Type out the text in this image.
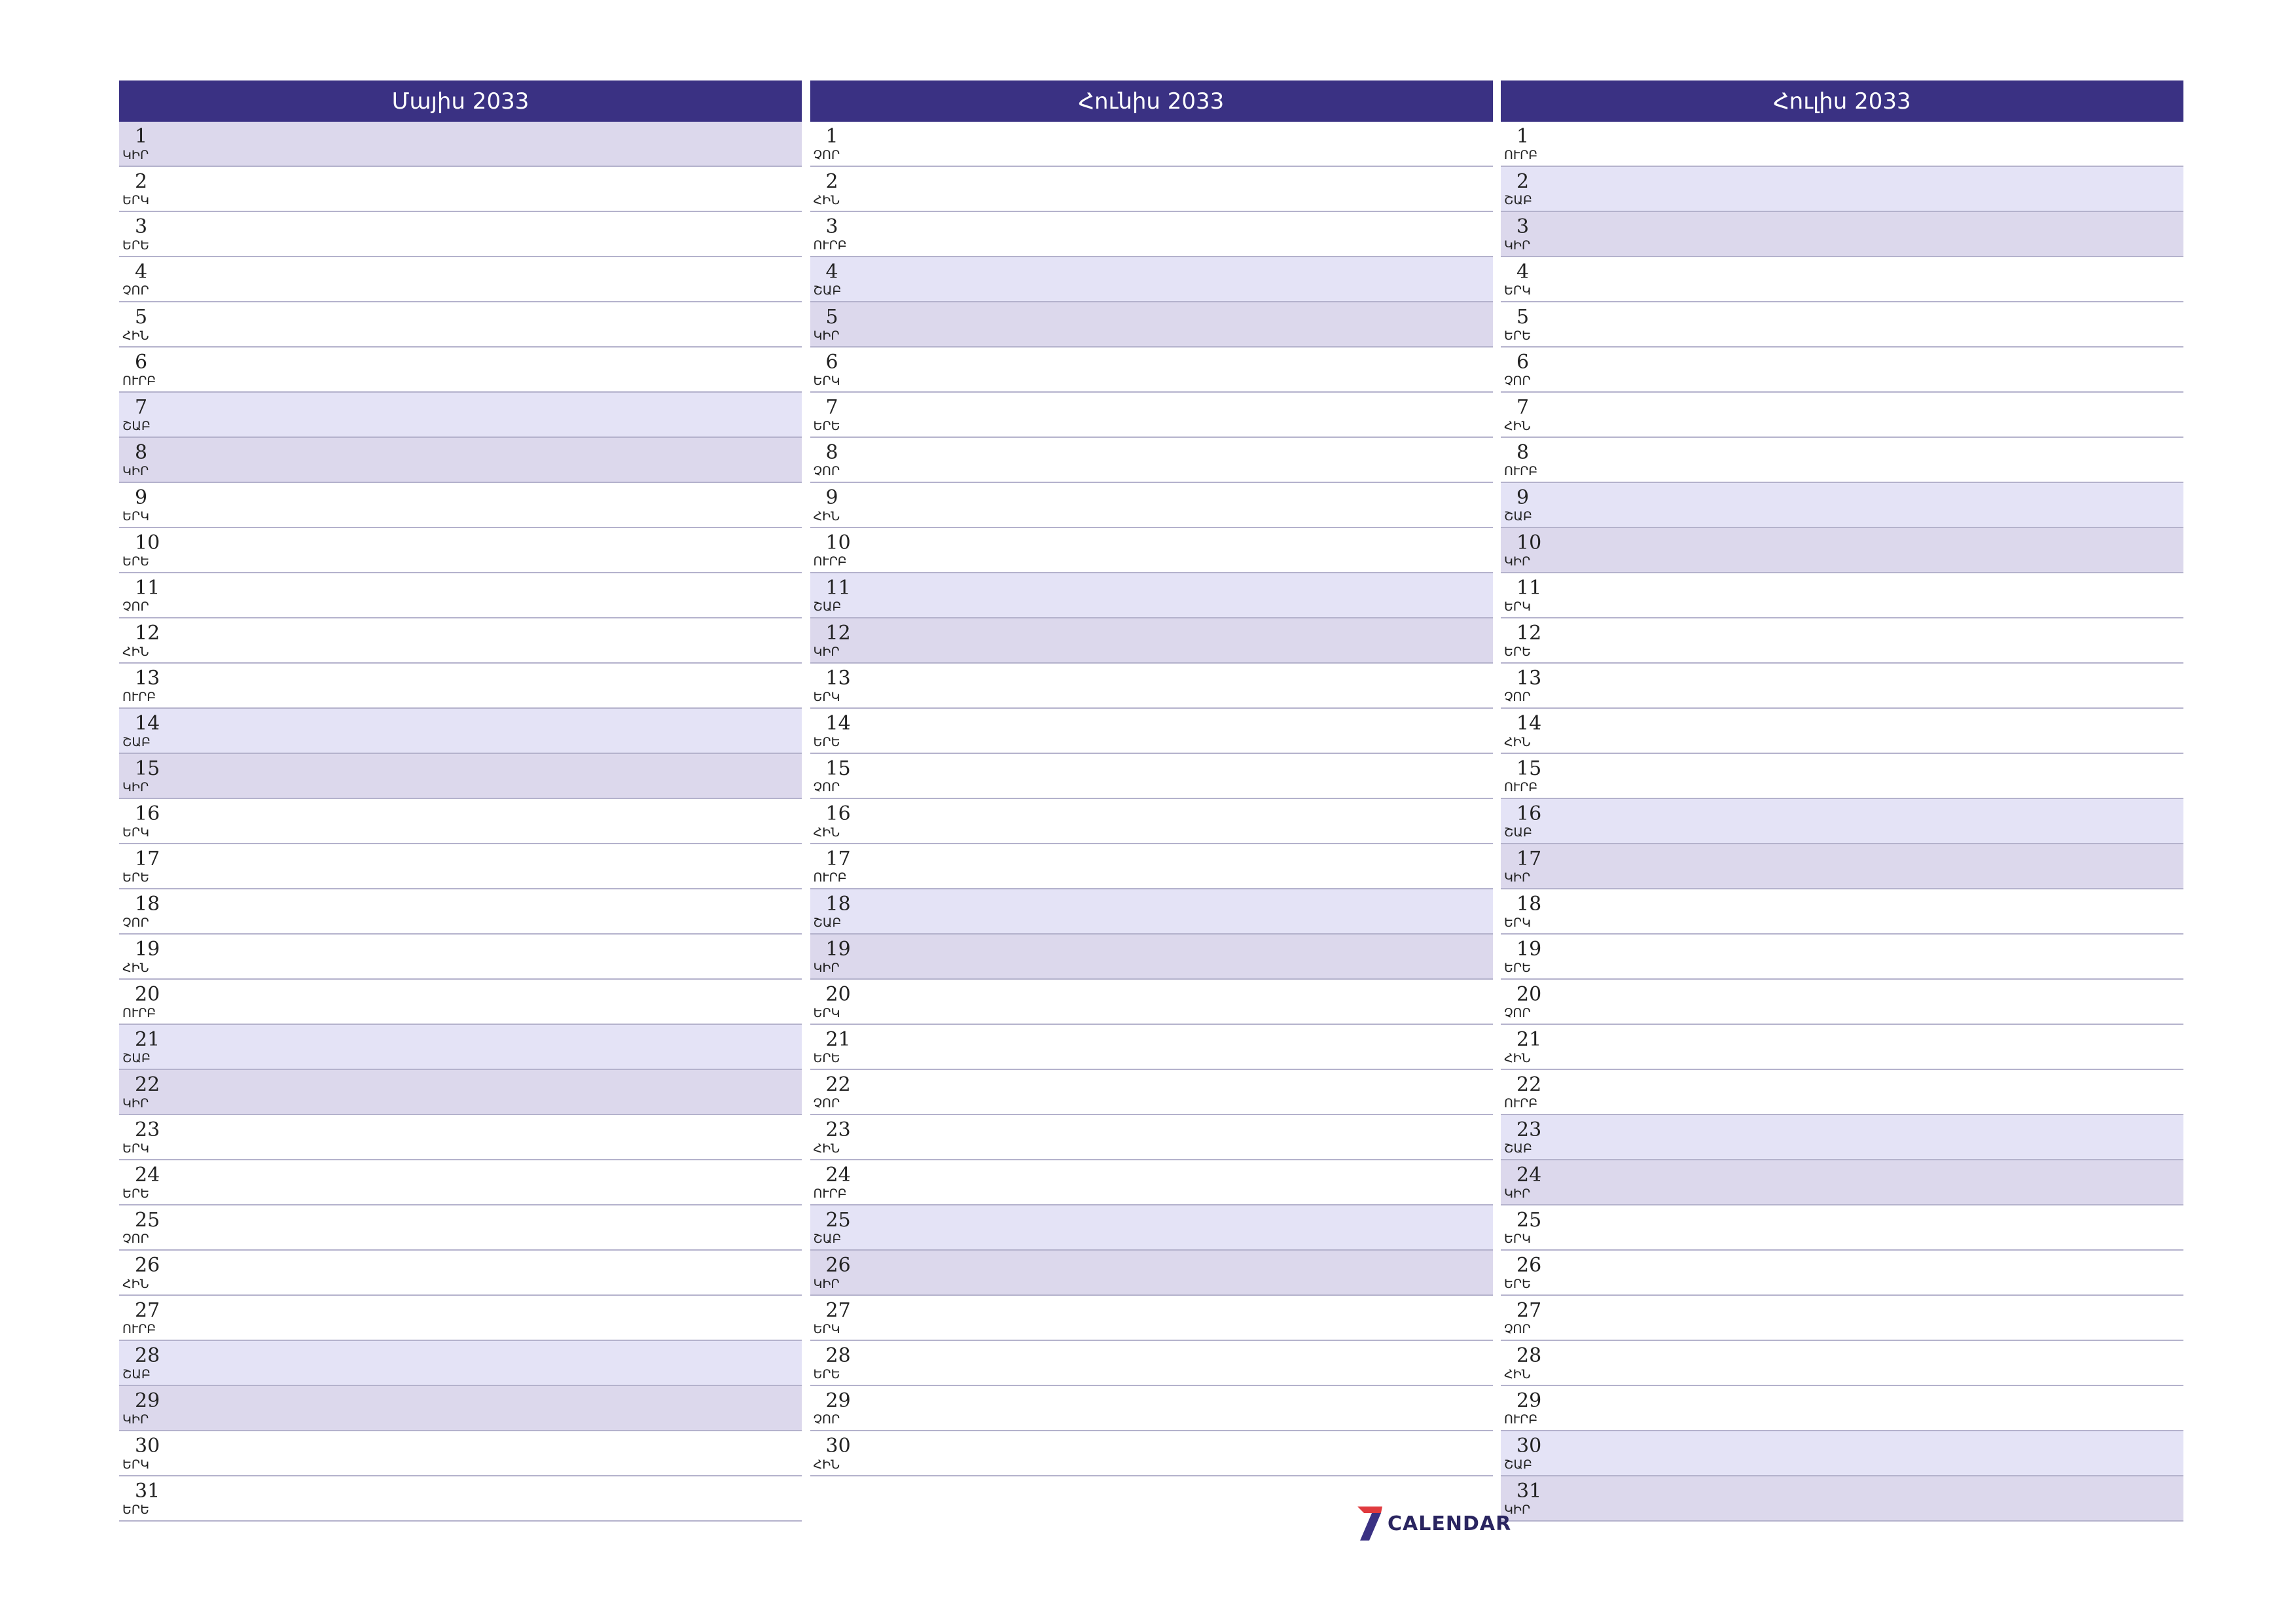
Մայիս 2033
1
ԿԻՐ
2
ԵՐԿ
3
ԵՐԵ
4
ՉՈՐ
5
ՀԻՆ
6
ՈՒՐԲ
7
ՇԱԲ
8
ԿԻՐ
9
ԵՐԿ
10
ԵՐԵ
11
ՉՈՐ
12
ՀԻՆ
13
ՈՒՐԲ
14
ՇԱԲ
15
ԿԻՐ
16
ԵՐԿ
17
ԵՐԵ
18
ՉՈՐ
19
ՀԻՆ
20
ՈՒՐԲ
21
ՇԱԲ
22
ԿԻՐ
23
ԵՐԿ
24
ԵՐԵ
25
ՉՈՐ
26
ՀԻՆ
27
ՈՒՐԲ
28
ՇԱԲ
29
ԿԻՐ
30
ԵՐԿ
31
ԵՐԵ
Հունիս 2033
1
ՉՈՐ
2
ՀԻՆ
3
ՈՒՐԲ
4
ՇԱԲ
5
ԿԻՐ
6
ԵՐԿ
7
ԵՐԵ
8
ՉՈՐ
9
ՀԻՆ
10
ՈՒՐԲ
11
ՇԱԲ
12
ԿԻՐ
13
ԵՐԿ
14
ԵՐԵ
15
ՉՈՐ
16
ՀԻՆ
17
ՈՒՐԲ
18
ՇԱԲ
19
ԿԻՐ
20
ԵՐԿ
21
ԵՐԵ
22
ՉՈՐ
23
ՀԻՆ
24
ՈՒՐԲ
25
ՇԱԲ
26
ԿԻՐ
27
ԵՐԿ
28
ԵՐԵ
29
ՉՈՐ
30
ՀԻՆ
Հուլիս 2033
1
ՈՒՐԲ
2
ՇԱԲ
3
ԿԻՐ
4
ԵՐԿ
5
ԵՐԵ
6
ՉՈՐ
7
ՀԻՆ
8
ՈՒՐԲ
9
ՇԱԲ
10
ԿԻՐ
11
ԵՐԿ
12
ԵՐԵ
13
ՉՈՐ
14
ՀԻՆ
15
ՈՒՐԲ
16
ՇԱԲ
17
ԿԻՐ
18
ԵՐԿ
19
ԵՐԵ
20
ՉՈՐ
21
ՀԻՆ
22
ՈՒՐԲ
23
ՇԱԲ
24
ԿԻՐ
25
ԵՐԿ
26
ԵՐԵ
27
ՉՈՐ
28
ՀԻՆ
29
ՈՒՐԲ
30
ՇԱԲ
31
ԿԻՐ
CALENDAR
